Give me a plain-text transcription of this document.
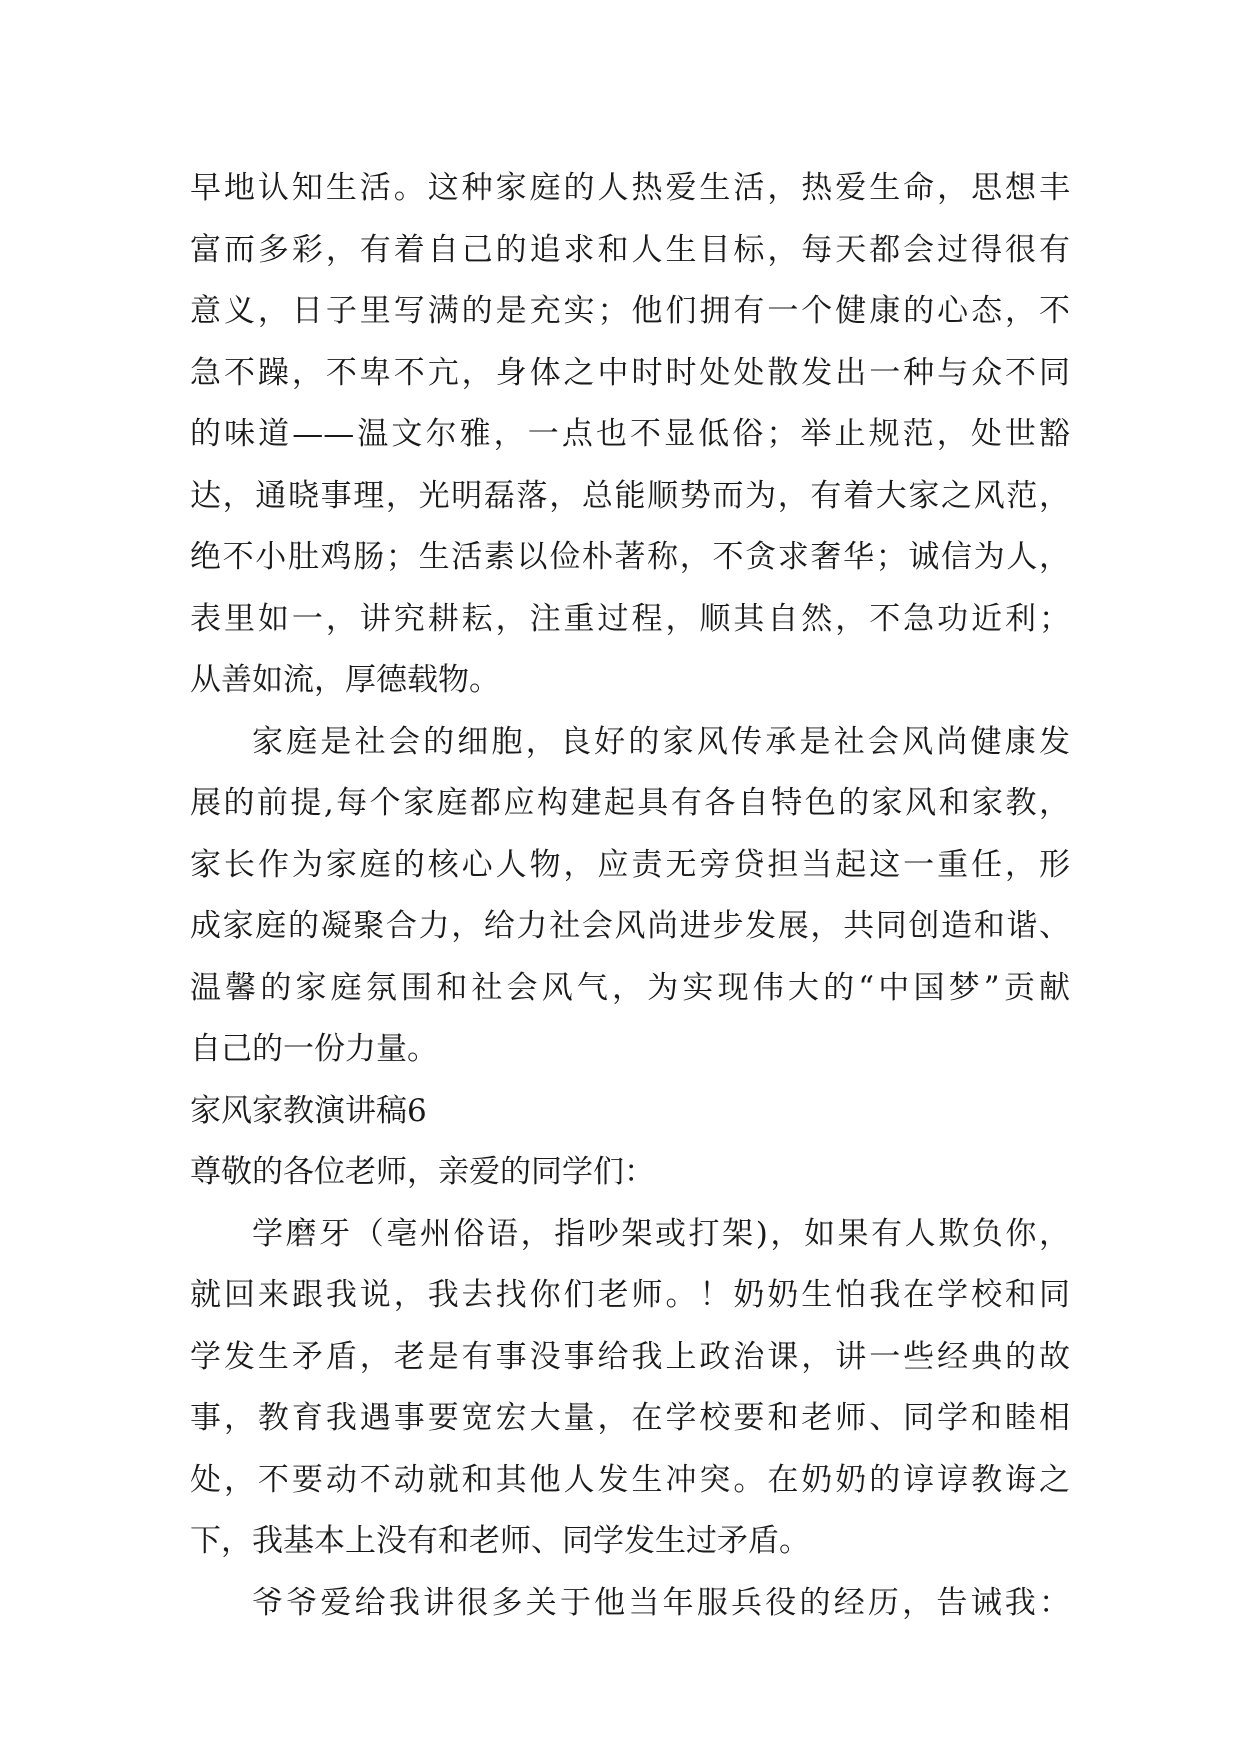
早地认知生活。这种家庭的人热爱生活，热爱生命，思想丰
富而多彩，有着自己的追求和人生目标，每天都会过得很有
意义，日子里写满的是充实；他们拥有一个健康的心态，不
急不躁，不卑不亢，身体之中时时处处散发出一种与众不同
的味道——温文尔雅，一点也不显低俗；举止规范，处世豁
达，通晓事理，光明磊落，总能顺势而为，有着大家之风范，
绝不小肚鸡肠；生活素以俭朴著称，不贪求奢华；诚信为人，
表里如一，讲究耕耘，注重过程，顺其自然，不急功近利；
从善如流，厚德载物。
家庭是社会的细胞，良好的家风传承是社会风尚健康发
展的前提,每个家庭都应构建起具有各自特色的家风和家教，
家长作为家庭的核心人物，应责无旁贷担当起这一重任，形
成家庭的凝聚合力，给力社会风尚进步发展，共同创造和谐、
温馨的家庭氛围和社会风气，为实现伟大的“中国梦”贡献
自己的一份力量。
家风家教演讲稿6
尊敬的各位老师，亲爱的同学们：
学磨牙（亳州俗语，指吵架或打架)，如果有人欺负你，
就回来跟我说，我去找你们老师。！奶奶生怕我在学校和同
学发生矛盾，老是有事没事给我上政治课，讲一些经典的故
事，教育我遇事要宽宏大量，在学校要和老师、同学和睦相
处，不要动不动就和其他人发生冲突。在奶奶的谆谆教诲之
下，我基本上没有和老师、同学发生过矛盾。
爷爷爱给我讲很多关于他当年服兵役的经历，告诫我：
